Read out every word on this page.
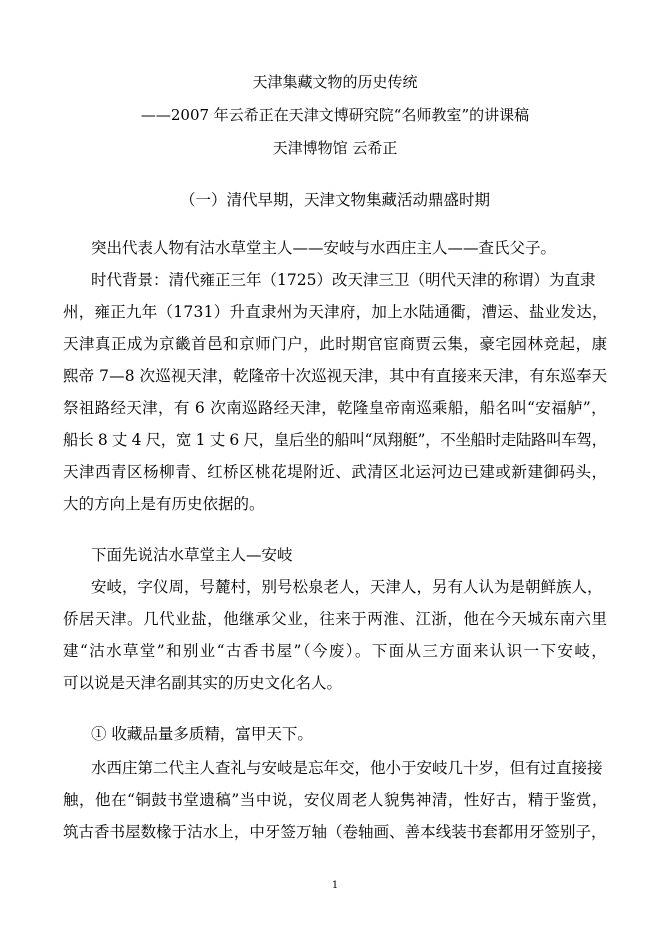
天津集藏文物的历史传统

——2007 年云希正在天津文博研究院“名师教室”的讲课稿

天津博物馆 云希正

（一）清代早期，天津文物集藏活动鼎盛时期

突出代表人物有沽水草堂主人——安岐与水西庄主人——查氏父子。

时代背景：清代雍正三年（1725）改天津三卫（明代天津的称谓）为直隶

州，雍正九年（1731）升直隶州为天津府，加上水陆通衢，漕运、盐业发达，

天津真正成为京畿首邑和京师门户，此时期官宦商贾云集，豪宅园林竞起，康

熙帝 7—8 次巡视天津，乾隆帝十次巡视天津，其中有直接来天津，有东巡奉天

祭祖路经天津，有 6 次南巡路经天津，乾隆皇帝南巡乘船，船名叫“安福舻”，

船长 8 丈 4 尺，宽 1 丈 6 尺，皇后坐的船叫“凤翔艇”，不坐船时走陆路叫车驾，

天津西青区杨柳青、红桥区桃花堤附近、武清区北运河边已建或新建御码头，

大的方向上是有历史依据的。

下面先说沽水草堂主人—安岐

安岐，字仪周，号麓村，别号松泉老人，天津人，另有人认为是朝鲜族人，

侨居天津。几代业盐，他继承父业，往来于两淮、江浙，他在今天城东南六里

建“沽水草堂”和别业“古香书屋”（今废）。下面从三方面来认识一下安岐，

可以说是天津名副其实的历史文化名人。

① 收藏品量多质精，富甲天下。

水西庄第二代主人查礼与安岐是忘年交，他小于安岐几十岁，但有过直接接

触，他在“铜鼓书堂遗稿”当中说，安仪周老人貌隽神清，性好古，精于鉴赏，

筑古香书屋数椽于沽水上，中牙签万轴（卷轴画、善本线装书套都用牙签别子，

1
